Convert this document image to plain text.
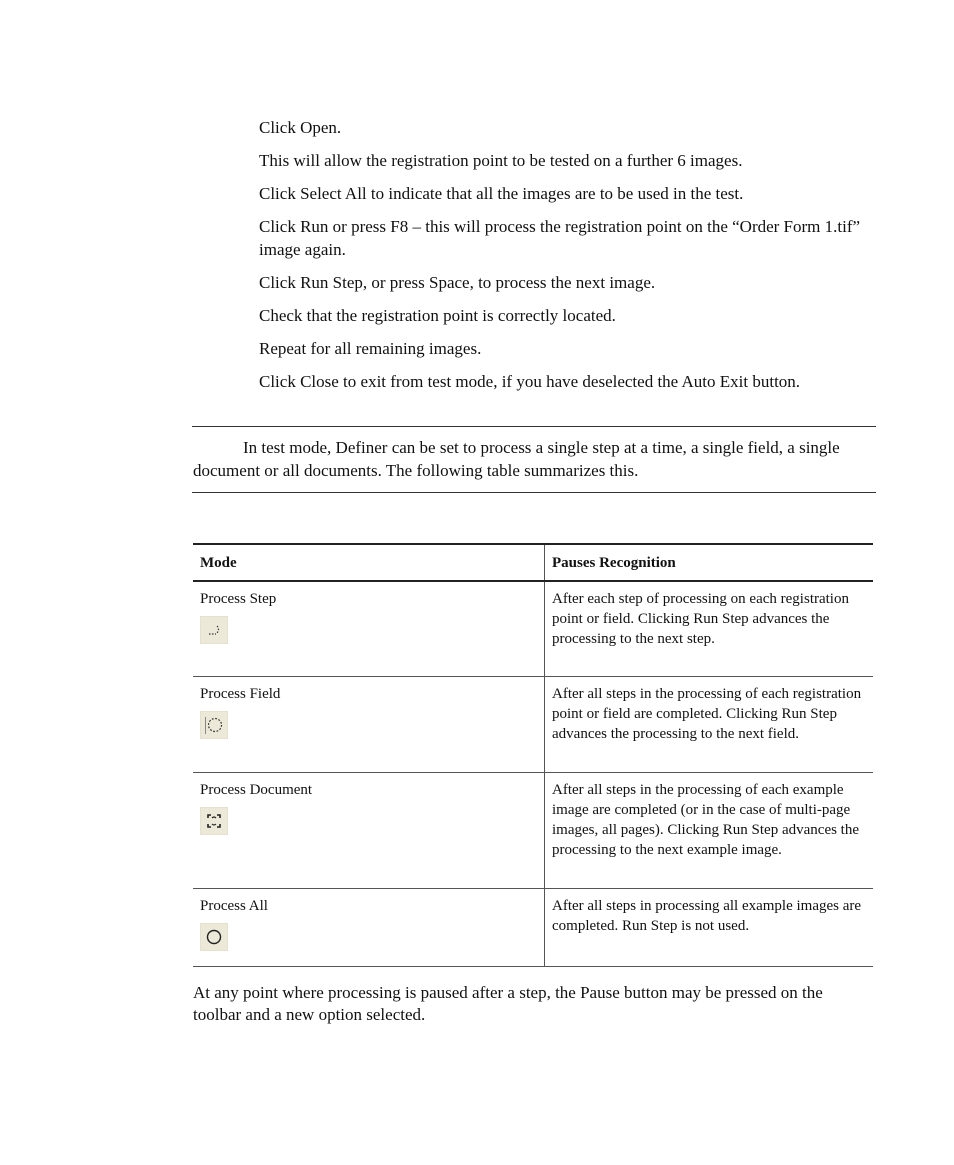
Click Open.

This will allow the registration point to be tested on a further 6 images.

Click Select All to indicate that all the images are to be used in the test.

Click Run or press F8 – this will process the registration point on the “Order Form 1.tif” image again.

Click Run Step, or press Space, to process the next image.

Check that the registration point is correctly located.

Repeat for all remaining images.

Click Close to exit from test mode, if you have deselected the Auto Exit button.

In test mode, Definer can be set to process a single step at a time, a single field, a single document or all documents. The following table summarizes this.

Mode	Pauses Recognition

Process Step	After each step of processing on each registration point or field. Clicking Run Step advances the processing to the next step.

Process Field	After all steps in the processing of each registration point or field are completed. Clicking Run Step advances the processing to the next field.

Process Document	After all steps in the processing of each example image are completed (or in the case of multi-page images, all pages). Clicking Run Step advances the processing to the next example image.

Process All	After all steps in processing all example images are completed. Run Step is not used.

At any point where processing is paused after a step, the Pause button may be pressed on the toolbar and a new option selected.
